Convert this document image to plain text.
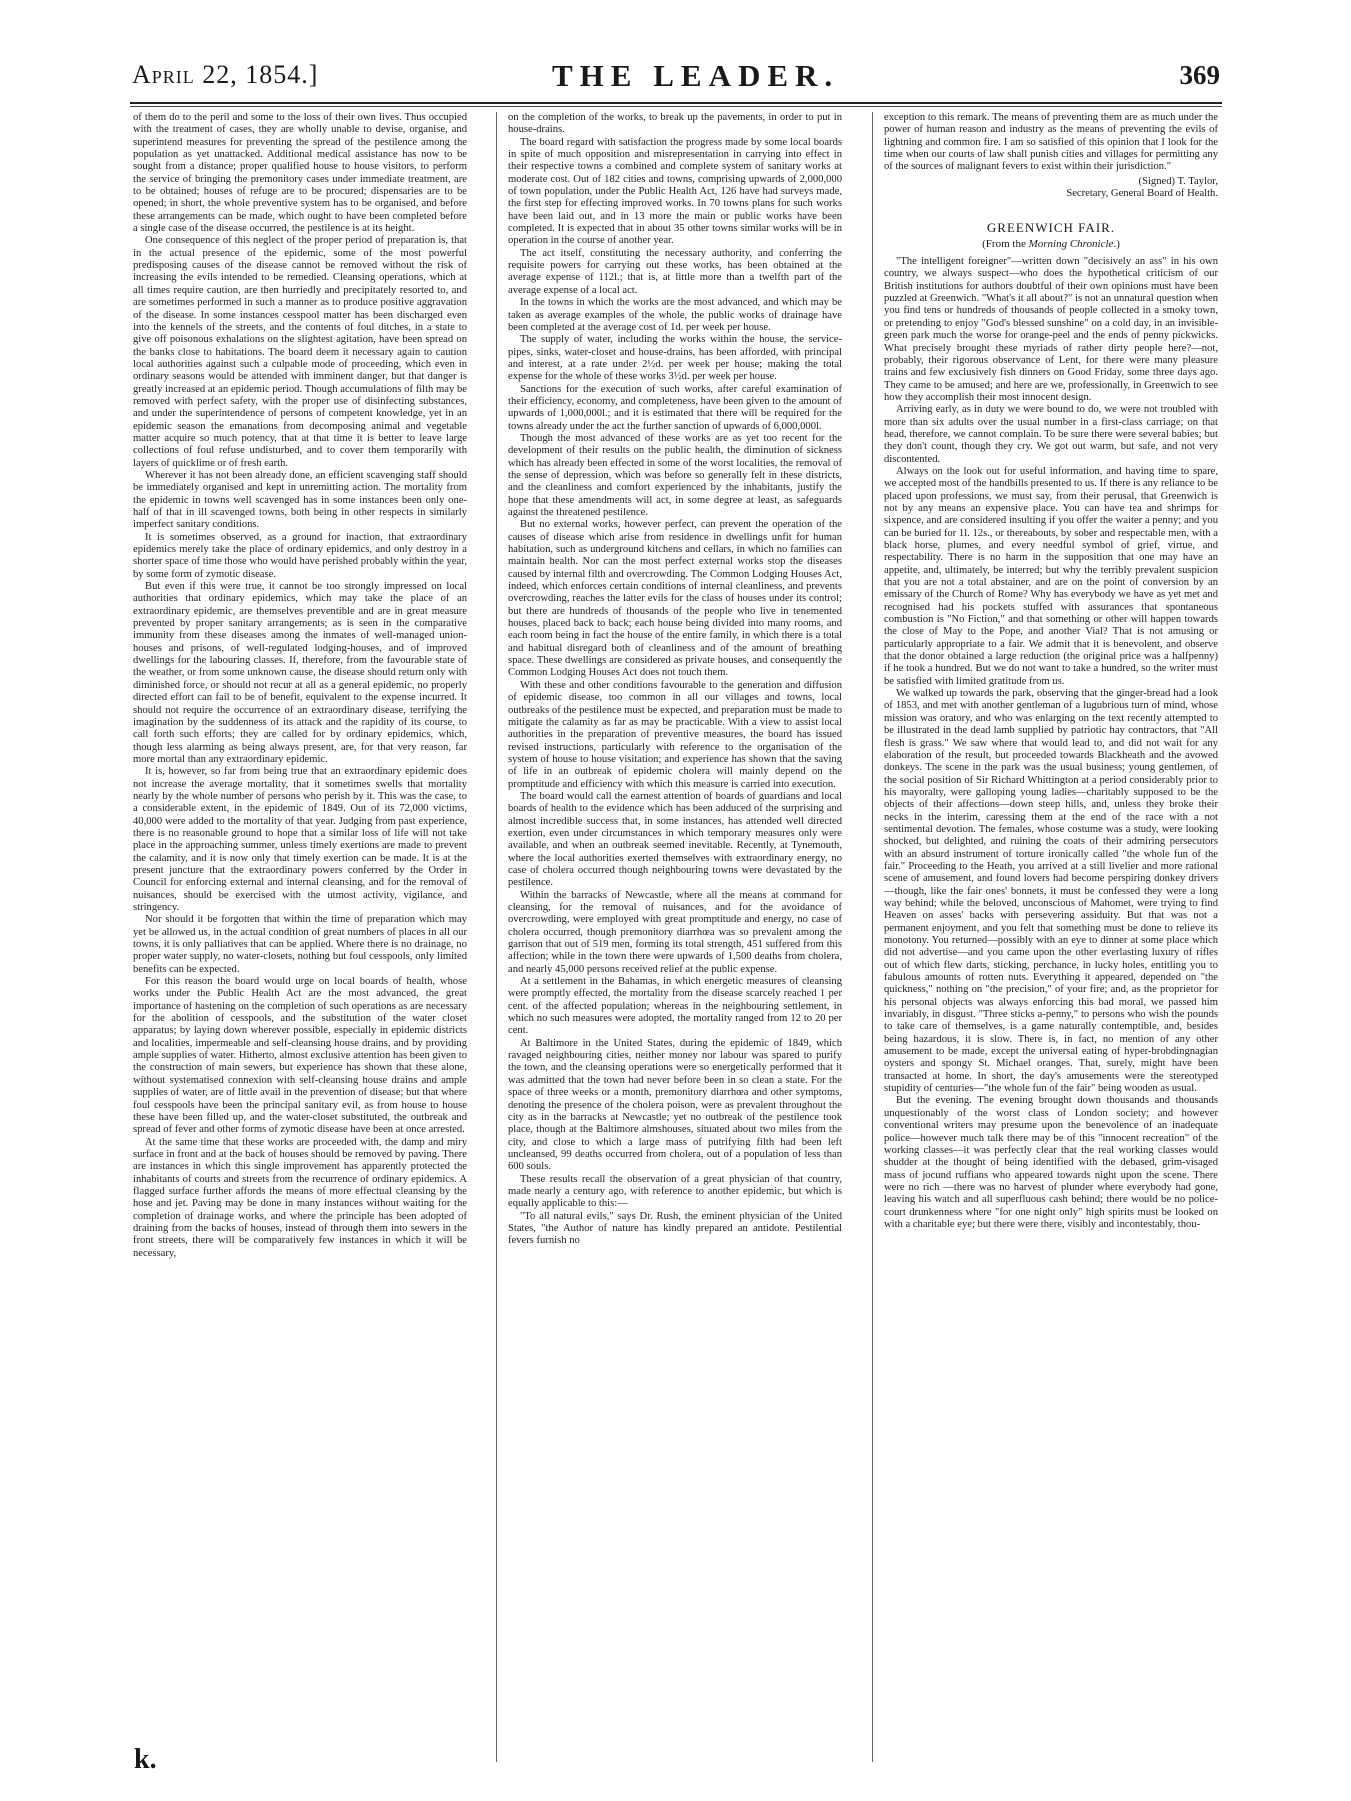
April 22, 1854.]	THE LEADER.	369

of them do to the peril and some to the loss of their own lives. Thus occupied with the treatment of cases, they are wholly unable to devise, organise, and superintend measures for preventing the spread of the pestilence among the population as yet unattacked. Additional medical assistance has now to be sought from a distance; proper qualified house to house visitors, to perform the service of bringing the premonitory cases under immediate treatment, are to be obtained; houses of refuge are to be procured; dispensaries are to be opened; in short, the whole preventive system has to be organised, and before these arrangements can be made, which ought to have been completed before a single case of the disease occurred, the pestilence is at its height.

One consequence of this neglect of the proper period of preparation is, that in the actual presence of the epidemic, some of the most powerful predisposing causes of the disease cannot be removed without the risk of increasing the evils intended to be remedied. Cleansing operations, which at all times require caution, are then hurriedly and precipitately resorted to, and are sometimes performed in such a manner as to produce positive aggravation of the disease. In some instances cesspool matter has been discharged even into the kennels of the streets, and the contents of foul ditches, in a state to give off poisonous exhalations on the slightest agitation, have been spread on the banks close to habitations. The board deem it necessary again to caution local authorities against such a culpable mode of proceeding, which even in ordinary seasons would be attended with imminent danger, but that danger is greatly increased at an epidemic period. Though accumulations of filth may be removed with perfect safety, with the proper use of disinfecting substances, and under the superintendence of persons of competent knowledge, yet in an epidemic season the emanations from decomposing animal and vegetable matter acquire so much potency, that at that time it is better to leave large collections of foul refuse undisturbed, and to cover them temporarily with layers of quicklime or of fresh earth.

Wherever it has not been already done, an efficient scavenging staff should be immediately organised and kept in unremitting action. The mortality from the epidemic in towns well scavenged has in some instances been only one-half of that in ill scavenged towns, both being in other respects in similarly imperfect sanitary conditions.

It is sometimes observed, as a ground for inaction, that extraordinary epidemics merely take the place of ordinary epidemics, and only destroy in a shorter space of time those who would have perished probably within the year, by some form of zymotic disease.

But even if this were true, it cannot be too strongly impressed on local authorities that ordinary epidemics, which may take the place of an extraordinary epidemic, are themselves preventible and are in great measure prevented by proper sanitary arrangements; as is seen in the comparative immunity from these diseases among the inmates of well-managed union-houses and prisons, of well-regulated lodging-houses, and of improved dwellings for the labouring classes. If, therefore, from the favourable state of the weather, or from some unknown cause, the disease should return only with diminished force, or should not recur at all as a general epidemic, no properly directed effort can fail to be of benefit, equivalent to the expense incurred. It should not require the occurrence of an extraordinary disease, terrifying the imagination by the suddenness of its attack and the rapidity of its course, to call forth such efforts; they are called for by ordinary epidemics, which, though less alarming as being always present, are, for that very reason, far more mortal than any extraordinary epidemic.

It is, however, so far from being true that an extraordinary epidemic does not increase the average mortality, that it sometimes swells that mortality nearly by the whole number of persons who perish by it. This was the case, to a considerable extent, in the epidemic of 1849. Out of its 72,000 victims, 40,000 were added to the mortality of that year. Judging from past experience, there is no reasonable ground to hope that a similar loss of life will not take place in the approaching summer, unless timely exertions are made to prevent the calamity, and it is now only that timely exertion can be made. It is at the present juncture that the extraordinary powers conferred by the Order in Council for enforcing external and internal cleansing, and for the removal of nuisances, should be exercised with the utmost activity, vigilance, and stringency.

Nor should it be forgotten that within the time of preparation which may yet be allowed us, in the actual condition of great numbers of places in all our towns, it is only palliatives that can be applied. Where there is no drainage, no proper water supply, no water-closets, nothing but foul cesspools, only limited benefits can be expected.

For this reason the board would urge on local boards of health, whose works under the Public Health Act are the most advanced, the great importance of hastening on the completion of such operations as are necessary for the abolition of cesspools, and the substitution of the water closet apparatus; by laying down wherever possible, especially in epidemic districts and localities, impermeable and self-cleansing house drains, and by providing ample supplies of water. Hitherto, almost exclusive attention has been given to the construction of main sewers, but experience has shown that these alone, without systematised connexion with self-cleansing house drains and ample supplies of water, are of little avail in the prevention of disease; but that where foul cesspools have been the principal sanitary evil, as from house to house these have been filled up, and the water-closet substituted, the outbreak and spread of fever and other forms of zymotic disease have been at once arrested.

At the same time that these works are proceeded with, the damp and miry surface in front and at the back of houses should be removed by paving. There are instances in which this single improvement has apparently protected the inhabitants of courts and streets from the recurrence of ordinary epidemics. A flagged surface further affords the means of more effectual cleansing by the hose and jet. Paving may be done in many instances without waiting for the completion of drainage works, and where the principle has been adopted of draining from the backs of houses, instead of through them into sewers in the front streets, there will be comparatively few instances in which it will be necessary,

on the completion of the works, to break up the pavements, in order to put in house-drains.

The board regard with satisfaction the progress made by some local boards in spite of much opposition and misrepresentation in carrying into effect in their respective towns a combined and complete system of sanitary works at moderate cost. Out of 182 cities and towns, comprising upwards of 2,000,000 of town population, under the Public Health Act, 126 have had surveys made, the first step for effecting improved works. In 70 towns plans for such works have been laid out, and in 13 more the main or public works have been completed. It is expected that in about 35 other towns similar works will be in operation in the course of another year.

The act itself, constituting the necessary authority, and conferring the requisite powers for carrying out these works, has been obtained at the average expense of 112l.; that is, at little more than a twelfth part of the average expense of a local act.

In the towns in which the works are the most advanced, and which may be taken as average examples of the whole, the public works of drainage have been completed at the average cost of 1d. per week per house.

The supply of water, including the works within the house, the service-pipes, sinks, water-closet and house-drains, has been afforded, with principal and interest, at a rate under 2½d. per week per house; making the total expense for the whole of these works 3½d. per week per house.

Sanctions for the execution of such works, after careful examination of their efficiency, economy, and completeness, have been given to the amount of upwards of 1,000,000l.; and it is estimated that there will be required for the towns already under the act the further sanction of upwards of 6,000,000l.

Though the most advanced of these works are as yet too recent for the development of their results on the public health, the diminution of sickness which has already been effected in some of the worst localities, the removal of the sense of depression, which was before so generally felt in these districts, and the cleanliness and comfort experienced by the inhabitants, justify the hope that these amendments will act, in some degree at least, as safeguards against the threatened pestilence.

But no external works, however perfect, can prevent the operation of the causes of disease which arise from residence in dwellings unfit for human habitation, such as underground kitchens and cellars, in which no families can maintain health. Nor can the most perfect external works stop the diseases caused by internal filth and overcrowding. The Common Lodging Houses Act, indeed, which enforces certain conditions of internal cleanliness, and prevents overcrowding, reaches the latter evils for the class of houses under its control; but there are hundreds of thousands of the people who live in tenemented houses, placed back to back; each house being divided into many rooms, and each room being in fact the house of the entire family, in which there is a total and habitual disregard both of cleanliness and of the amount of breathing space. These dwellings are considered as private houses, and consequently the Common Lodging Houses Act does not touch them.

With these and other conditions favourable to the generation and diffusion of epidemic disease, too common in all our villages and towns, local outbreaks of the pestilence must be expected, and preparation must be made to mitigate the calamity as far as may be practicable. With a view to assist local authorities in the preparation of preventive measures, the board has issued revised instructions, particularly with reference to the organisation of the system of house to house visitation; and experience has shown that the saving of life in an outbreak of epidemic cholera will mainly depend on the promptitude and efficiency with which this measure is carried into execution.

The board would call the earnest attention of boards of guardians and local boards of health to the evidence which has been adduced of the surprising and almost incredible success that, in some instances, has attended well directed exertion, even under circumstances in which temporary measures only were available, and when an outbreak seemed inevitable. Recently, at Tynemouth, where the local authorities exerted themselves with extraordinary energy, no case of cholera occurred though neighbouring towns were devastated by the pestilence.

Within the barracks of Newcastle, where all the means at command for cleansing, for the removal of nuisances, and for the avoidance of overcrowding, were employed with great promptitude and energy, no case of cholera occurred, though premonitory diarrhœa was so prevalent among the garrison that out of 519 men, forming its total strength, 451 suffered from this affection; while in the town there were upwards of 1,500 deaths from cholera, and nearly 45,000 persons received relief at the public expense.

At a settlement in the Bahamas, in which energetic measures of cleansing were promptly effected, the mortality from the disease scarcely reached 1 per cent. of the affected population; whereas in the neighbouring settlement, in which no such measures were adopted, the mortality ranged from 12 to 20 per cent.

At Baltimore in the United States, during the epidemic of 1849, which ravaged neighbouring cities, neither money nor labour was spared to purify the town, and the cleansing operations were so energetically performed that it was admitted that the town had never before been in so clean a state. For the space of three weeks or a month, premonitory diarrhœa and other symptoms, denoting the presence of the cholera poison, were as prevalent throughout the city as in the barracks at Newcastle; yet no outbreak of the pestilence took place, though at the Baltimore almshouses, situated about two miles from the city, and close to which a large mass of putrifying filth had been left uncleansed, 99 deaths occurred from cholera, out of a population of less than 600 souls.

These results recall the observation of a great physician of that country, made nearly a century ago, with reference to another epidemic, but which is equally applicable to this:—

"To all natural evils," says Dr. Rush, the eminent physician of the United States, "the Author of nature has kindly prepared an antidote. Pestilential fevers furnish no

exception to this remark. The means of preventing them are as much under the power of human reason and industry as the means of preventing the evils of lightning and common fire. I am so satisfied of this opinion that I look for the time when our courts of law shall punish cities and villages for permitting any of the sources of malignant fevers to exist within their jurisdiction."

(Signed) T. Taylor,

Secretary, General Board of Health.

GREENWICH FAIR.

(From the Morning Chronicle.)

"The intelligent foreigner"—written down "decisively an ass" in his own country, we always suspect—who does the hypothetical criticism of our British institutions for authors doubtful of their own opinions must have been puzzled at Greenwich. "What's it all about?" is not an unnatural question when you find tens or hundreds of thousands of people collected in a smoky town, or pretending to enjoy "God's blessed sunshine" on a cold day, in an invisible-green park much the worse for orange-peel and the ends of penny pickwicks. What precisely brought these myriads of rather dirty people here?—not, probably, their rigorous observance of Lent, for there were many pleasure trains and few exclusively fish dinners on Good Friday, some three days ago. They came to be amused; and here are we, professionally, in Greenwich to see how they accomplish their most innocent design.

Arriving early, as in duty we were bound to do, we were not troubled with more than six adults over the usual number in a first-class carriage; on that head, therefore, we cannot complain. To be sure there were several babies; but they don't count, though they cry. We got out warm, but safe, and not very discontented.

Always on the look out for useful information, and having time to spare, we accepted most of the handbills presented to us. If there is any reliance to be placed upon professions, we must say, from their perusal, that Greenwich is not by any means an expensive place. You can have tea and shrimps for sixpence, and are considered insulting if you offer the waiter a penny; and you can be buried for 1l. 12s., or thereabouts, by sober and respectable men, with a black horse, plumes, and every needful symbol of grief, virtue, and respectability. There is no harm in the supposition that one may have an appetite, and, ultimately, be interred; but why the terribly prevalent suspicion that you are not a total abstainer, and are on the point of conversion by an emissary of the Church of Rome? Why has everybody we have as yet met and recognised had his pockets stuffed with assurances that spontaneous combustion is "No Fiction," and that something or other will happen towards the close of May to the Pope, and another Vial? That is not amusing or particularly appropriate to a fair. We admit that it is benevolent, and observe that the donor obtained a large reduction (the original price was a halfpenny) if he took a hundred. But we do not want to take a hundred, so the writer must be satisfied with limited gratitude from us.

We walked up towards the park, observing that the ginger-bread had a look of 1853, and met with another gentleman of a lugubrious turn of mind, whose mission was oratory, and who was enlarging on the text recently attempted to be illustrated in the dead lamb supplied by patriotic hay contractors, that "All flesh is grass." We saw where that would lead to, and did not wait for any elaboration of the result, but proceeded towards Blackheath and the avowed donkeys. The scene in the park was the usual business; young gentlemen, of the social position of Sir Richard Whittington at a period considerably prior to his mayoralty, were galloping young ladies—charitably supposed to be the objects of their affections—down steep hills, and, unless they broke their necks in the interim, caressing them at the end of the race with a not sentimental devotion. The females, whose costume was a study, were looking shocked, but delighted, and ruining the coats of their admiring persecutors with an absurd instrument of torture ironically called "the whole fun of the fair." Proceeding to the Heath, you arrived at a still livelier and more rational scene of amusement, and found lovers had become perspiring donkey drivers —though, like the fair ones' bonnets, it must be confessed they were a long way behind; while the beloved, unconscious of Mahomet, were trying to find Heaven on asses' backs with persevering assiduity. But that was not a permanent enjoyment, and you felt that something must be done to relieve its monotony. You returned—possibly with an eye to dinner at some place which did not advertise—and you came upon the other everlasting luxury of rifles out of which flew darts, sticking, perchance, in lucky holes, entitling you to fabulous amounts of rotten nuts. Everything it appeared, depended on "the quickness," nothing on "the precision," of your fire; and, as the proprietor for his personal objects was always enforcing this bad moral, we passed him invariably, in disgust. "Three sticks a-penny," to persons who wish the pounds to take care of themselves, is a game naturally contemptible, and, besides being hazardous, it is slow. There is, in fact, no mention of any other amusement to be made, except the universal eating of hyper-brobdingnagian oysters and spongy St. Michael oranges. That, surely, might have been transacted at home. In short, the day's amusements were the stereotyped stupidity of centuries—"the whole fun of the fair" being wooden as usual.

But the evening. The evening brought down thousands and thousands unquestionably of the worst class of London society; and however conventional writers may presume upon the benevolence of an inadequate police—however much talk there may be of this "innocent recreation" of the working classes—it was perfectly clear that the real working classes would shudder at the thought of being identified with the debased, grim-visaged mass of jocund ruffians who appeared towards night upon the scene. There were no rich —there was no harvest of plunder where everybody had gone, leaving his watch and all superfluous cash behind; there would be no police-court drunkenness where "for one night only" high spirits must be looked on with a charitable eye; but there were there, visibly and incontestably, thou-

k.
